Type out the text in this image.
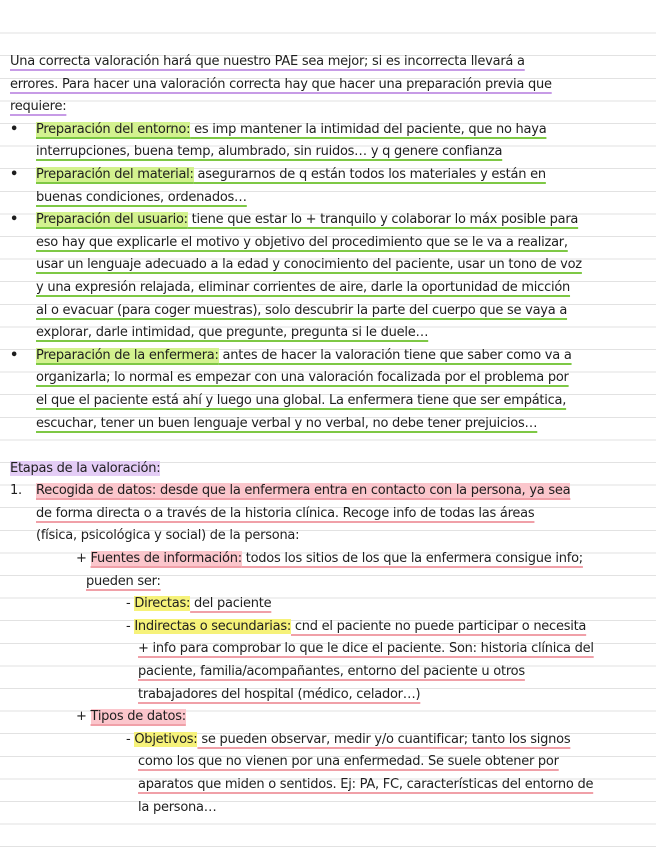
Una correcta valoración hará que nuestro PAE sea mejor; si es incorrecta llevará a
errores. Para hacer una valoración correcta hay que hacer una preparación previa que
requiere:
• Preparación del entorno: es imp mantener la intimidad del paciente, que no haya
interrupciones, buena temp, alumbrado, sin ruidos… y q genere confianza
• Preparación del material: asegurarnos de q están todos los materiales y están en
buenas condiciones, ordenados…
• Preparación del usuario: tiene que estar lo + tranquilo y colaborar lo máx posible para
eso hay que explicarle el motivo y objetivo del procedimiento que se le va a realizar,
usar un lenguaje adecuado a la edad y conocimiento del paciente, usar un tono de voz
y una expresión relajada, eliminar corrientes de aire, darle la oportunidad de micción
al o evacuar (para coger muestras), solo descubrir la parte del cuerpo que se vaya a
explorar, darle intimidad, que pregunte, pregunta si le duele…
• Preparación de la enfermera: antes de hacer la valoración tiene que saber como va a
organizarla; lo normal es empezar con una valoración focalizada por el problema por
el que el paciente está ahí y luego una global. La enfermera tiene que ser empática,
escuchar, tener un buen lenguaje verbal y no verbal, no debe tener prejuicios…
Etapas de la valoración:
1. Recogida de datos: desde que la enfermera entra en contacto con la persona, ya sea
de forma directa o a través de la historia clínica. Recoge info de todas las áreas
(física, psicológica y social) de la persona:
+ Fuentes de información: todos los sitios de los que la enfermera consigue info;
pueden ser:
- Directas: del paciente
- Indirectas o secundarias: cnd el paciente no puede participar o necesita
+ info para comprobar lo que le dice el paciente. Son: historia clínica del
paciente, familia/acompañantes, entorno del paciente u otros
trabajadores del hospital (médico, celador…)
+ Tipos de datos:
- Objetivos: se pueden observar, medir y/o cuantificar; tanto los signos
como los que no vienen por una enfermedad. Se suele obtener por
aparatos que miden o sentidos. Ej: PA, FC, características del entorno de
la persona…
